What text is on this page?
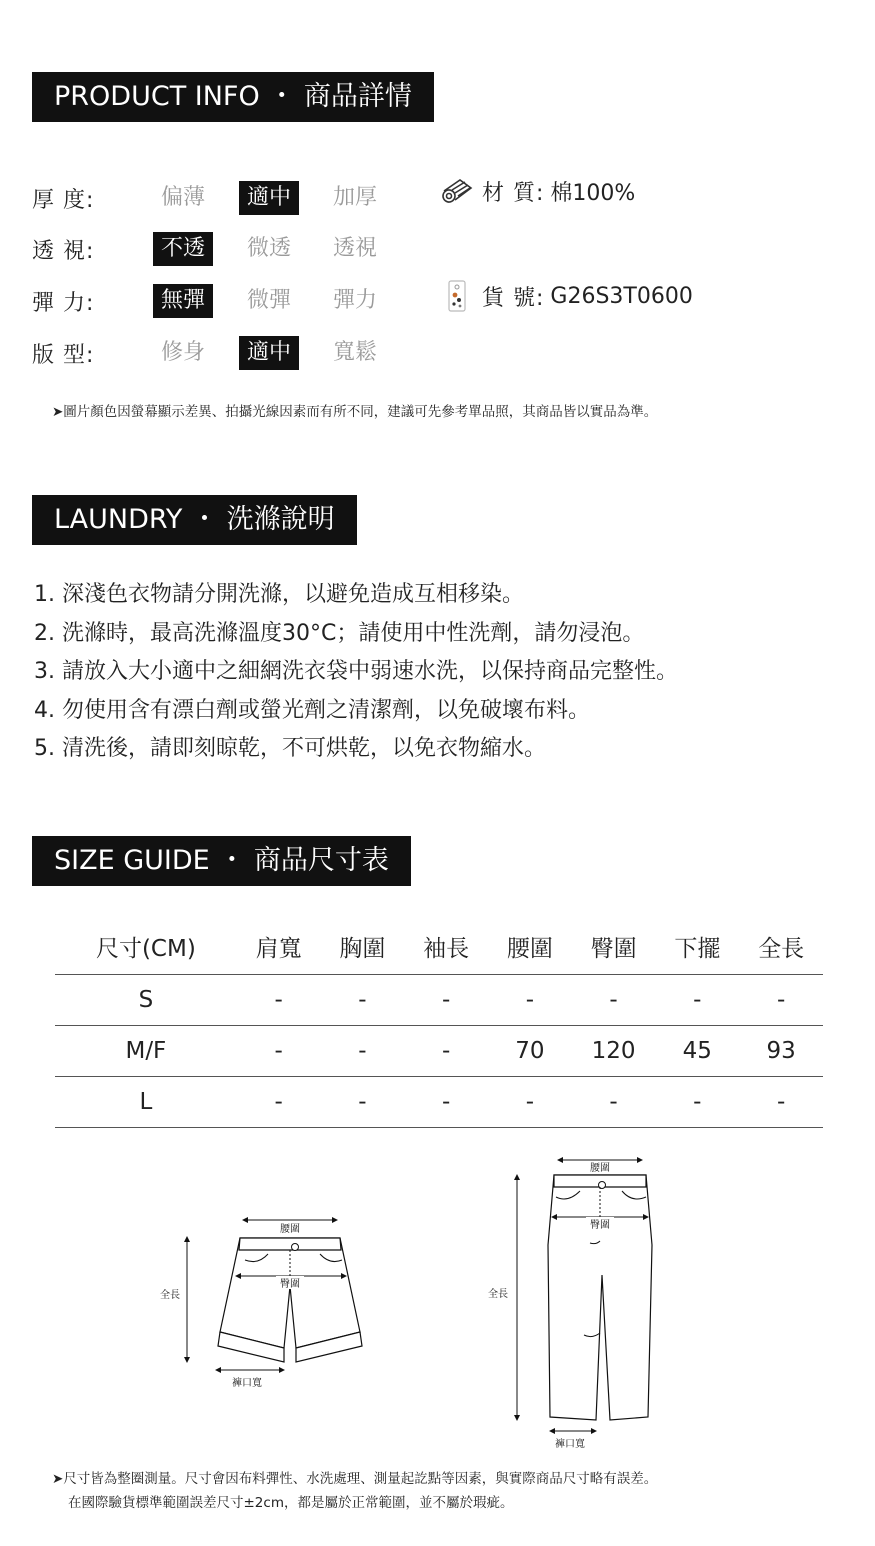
PRODUCT INFO ・ 商品詳情
厚 度:	偏薄	適中	加厚
透 視:	不透	微透	透視
彈 力:	無彈	微彈	彈力
版 型:	修身	適中	寬鬆
材 質: 棉100%
貨 號: G26S3T0600
➤圖片顏色因螢幕顯示差異、拍攝光線因素而有所不同，建議可先參考單品照，其商品皆以實品為準。
LAUNDRY ・ 洗滌說明
1. 深淺色衣物請分開洗滌，以避免造成互相移染。
2. 洗滌時，最高洗滌溫度30°C；請使用中性洗劑，請勿浸泡。
3. 請放入大小適中之細網洗衣袋中弱速水洗，以保持商品完整性。
4. 勿使用含有漂白劑或螢光劑之清潔劑，以免破壞布料。
5. 清洗後，請即刻晾乾，不可烘乾，以免衣物縮水。
SIZE GUIDE ・ 商品尺寸表
尺寸(CM)	肩寬	胸圍	袖長	腰圍	臀圍	下擺	全長
S	-	-	-	-	-	-	-
M/F	-	-	-	70	120	45	93
L	-	-	-	-	-	-	-
腰圍
全長
臀圍
褲口寬
腰圍
全長
臀圍
褲口寬
➤尺寸皆為整圈測量。尺寸會因布料彈性、水洗處理、測量起訖點等因素，與實際商品尺寸略有誤差。
在國際驗貨標準範圍誤差尺寸±2cm，都是屬於正常範圍，並不屬於瑕疵。
